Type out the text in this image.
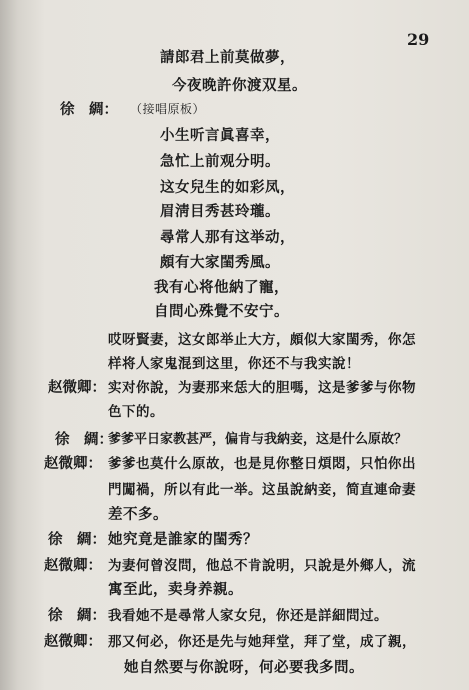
29
請郎君上前莫做夢，
今夜晚許你渡双星。
徐　綢： （接唱原板）
小生听言眞喜幸，
急忙上前观分明。
这女兒生的如彩凤，
眉淸目秀甚玲瓏。
尋常人那有这举动，
頗有大家閨秀風。
我有心将他納了寵，
自問心殊覺不安宁。
哎呀賢妻，这女郎举止大方，頗似大家閨秀，你怎
样将人家鬼混到这里，你还不与我实說！
赵微卿： 实对你說，为妻那来恁大的胆嗎，这是爹爹与你物
色下的。
徐　綢：
爹爹平日家教甚严，偏肯与我納妾，这是什么原故？
赵微卿： 爹爹也莫什么原故，也是見你整日煩悶，只怕你出
門闖禍，所以有此一举。这虽說納妾，简直連命妻
差不多。
徐　綢： 她究竟是誰家的閨秀？
赵微卿： 为妻何曾沒問，他总不肯說明，只說是外鄉人，流
寓至此，卖身养親。
徐　綢： 我看她不是尋常人家女兒，你还是詳細問过。
赵微卿： 那又何必，你还是先与她拜堂，拜了堂，成了親，
她自然要与你說呀，何必要我多問。
